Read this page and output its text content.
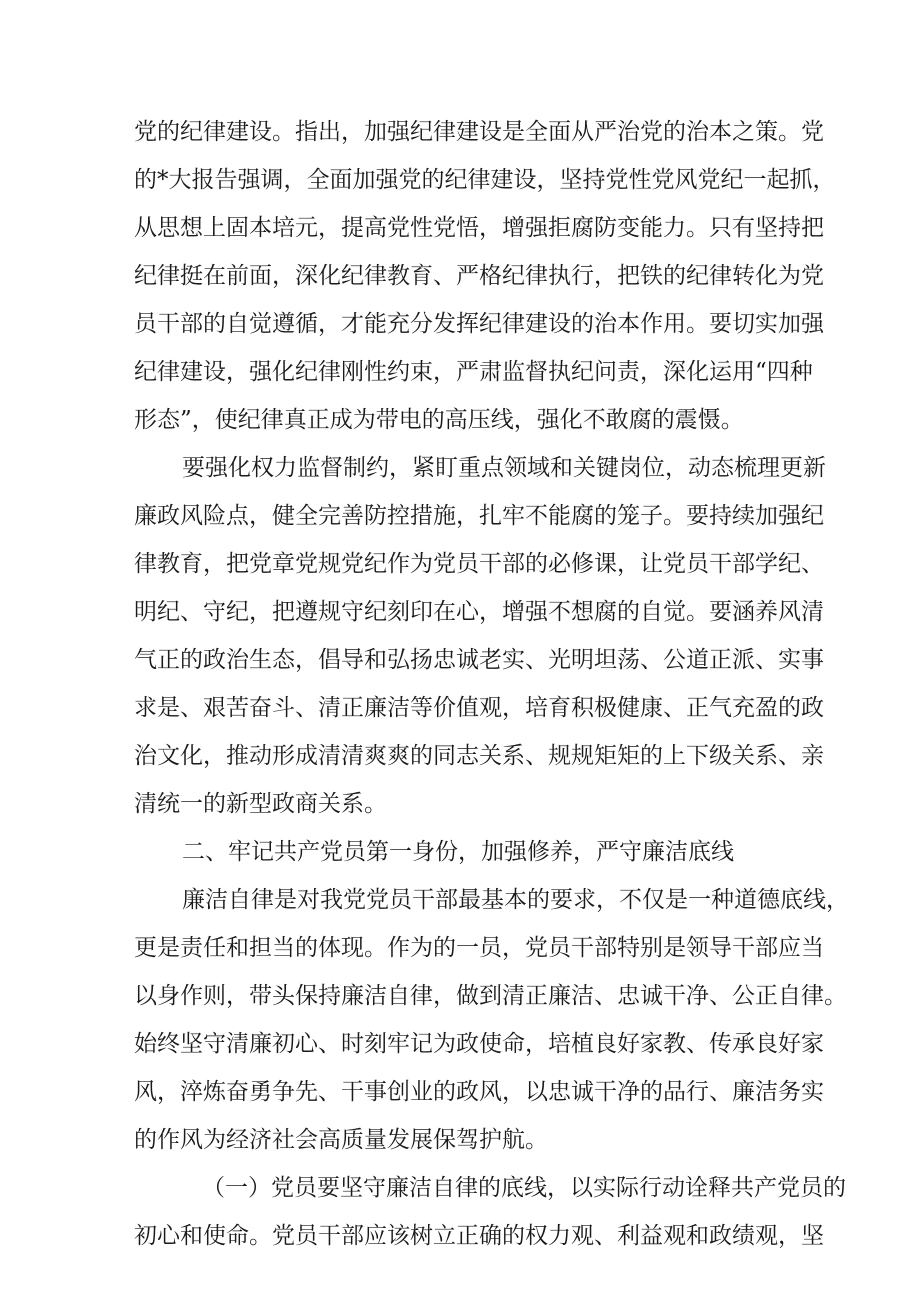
党的纪律建设。指出，加强纪律建设是全面从严治党的治本之策。党
的*大报告强调，全面加强党的纪律建设，坚持党性党风党纪一起抓，
从思想上固本培元，提高党性党悟，增强拒腐防变能力。只有坚持把
纪律挺在前面，深化纪律教育、严格纪律执行，把铁的纪律转化为党
员干部的自觉遵循，才能充分发挥纪律建设的治本作用。要切实加强
纪律建设，强化纪律刚性约束，严肃监督执纪问责，深化运用“四种
形态”，使纪律真正成为带电的高压线，强化不敢腐的震慑。
要强化权力监督制约，紧盯重点领域和关键岗位，动态梳理更新
廉政风险点，健全完善防控措施，扎牢不能腐的笼子。要持续加强纪
律教育，把党章党规党纪作为党员干部的必修课，让党员干部学纪、
明纪、守纪，把遵规守纪刻印在心，增强不想腐的自觉。要涵养风清
气正的政治生态，倡导和弘扬忠诚老实、光明坦荡、公道正派、实事
求是、艰苦奋斗、清正廉洁等价值观，培育积极健康、正气充盈的政
治文化，推动形成清清爽爽的同志关系、规规矩矩的上下级关系、亲
清统一的新型政商关系。
二、牢记共产党员第一身份，加强修养，严守廉洁底线
廉洁自律是对我党党员干部最基本的要求，不仅是一种道德底线，
更是责任和担当的体现。作为的一员，党员干部特别是领导干部应当
以身作则，带头保持廉洁自律，做到清正廉洁、忠诚干净、公正自律。
始终坚守清廉初心、时刻牢记为政使命，培植良好家教、传承良好家
风，淬炼奋勇争先、干事创业的政风，以忠诚干净的品行、廉洁务实
的作风为经济社会高质量发展保驾护航。
（一）党员要坚守廉洁自律的底线，以实际行动诠释共产党员的
初心和使命。党员干部应该树立正确的权力观、利益观和政绩观，坚
